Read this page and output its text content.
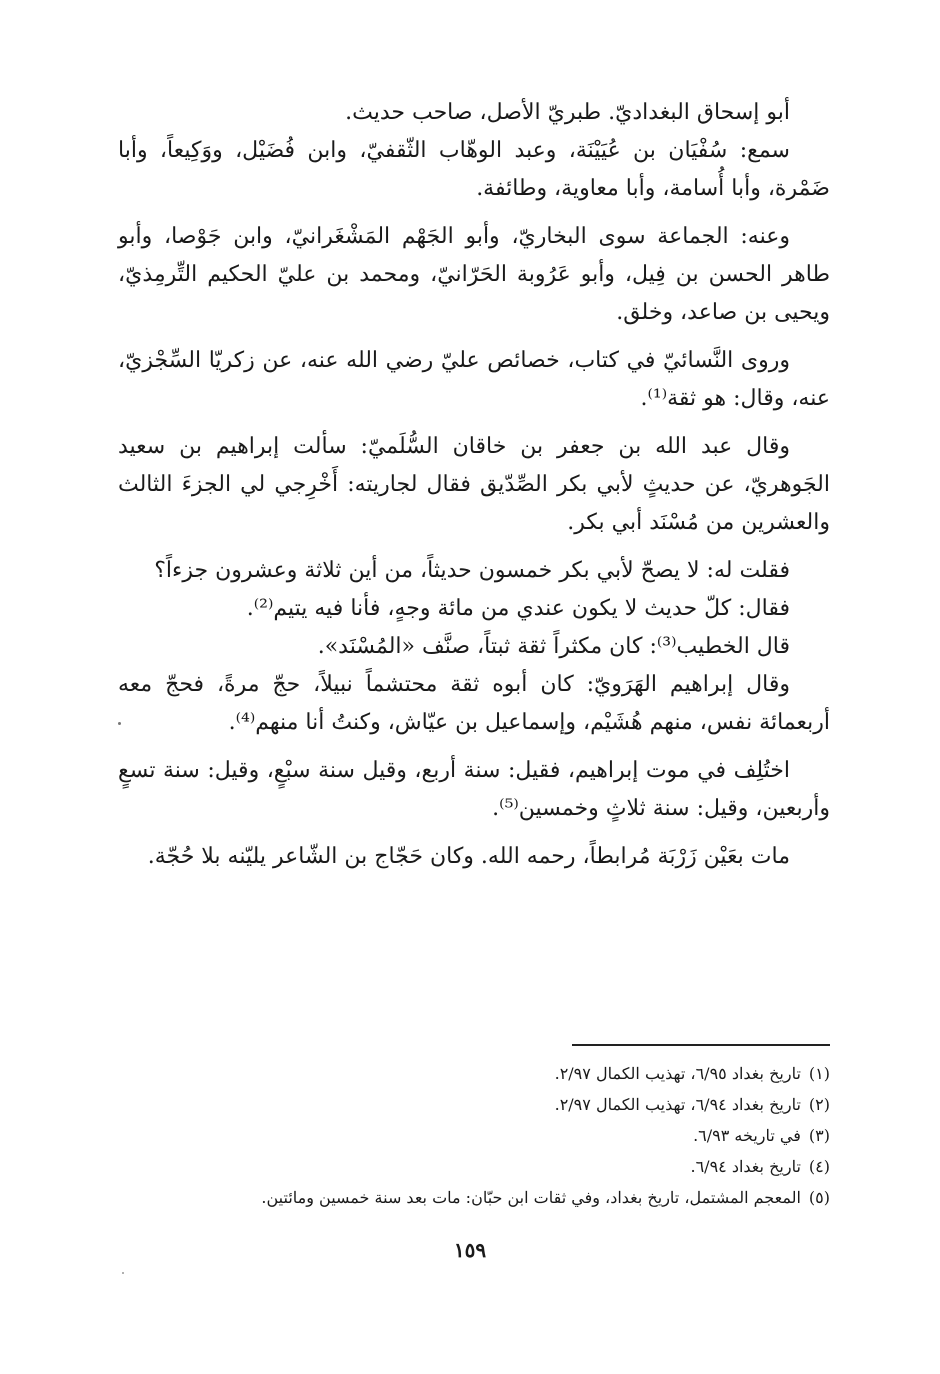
أبو إسحاق البغداديّ. طبريّ الأصل، صاحب حديث.

سمع: سُفْيَان بن عُيَيْنَة، وعبد الوهّاب الثّقفيّ، وابن فُضَيْل، ووَكِيعاً، وأبا ضَمْرة، وأبا أُسامة، وأبا معاوية، وطائفة.

وعنه: الجماعة سوى البخاريّ، وأبو الجَهْم المَشْغَرانيّ، وابن جَوْصا، وأبو طاهر الحسن بن فِيل، وأبو عَرُوبة الحَرّانيّ، ومحمد بن عليّ الحكيم التِّرمِذيّ، ويحيى بن صاعد، وخلق.

وروى النَّسائيّ في كتاب، خصائص عليّ رضي الله عنه، عن زكريّا السِّجْزيّ، عنه، وقال: هو ثقة⁽¹⁾.

وقال عبد الله بن جعفر بن خاقان السُّلَميّ: سألت إبراهيم بن سعيد الجَوهريّ، عن حديثٍ لأبي بكر الصِّدّيق فقال لجاريته: أَخْرِجي لي الجزءَ الثالث والعشرين من مُسْنَد أبي بكر.

فقلت له: لا يصحّ لأبي بكر خمسون حديثاً، من أين ثلاثة وعشرون جزءاً؟

فقال: كلّ حديث لا يكون عندي من مائة وجهٍ، فأنا فيه يتيم⁽²⁾.

قال الخطيب⁽³⁾: كان مكثراً ثقة ثبتاً، صنَّف «المُسْنَد».

وقال إبراهيم الهَرَويّ: كان أبوه ثقة محتشماً نبيلاً، حجّ مرةً، فحجّ معه أربعمائة نفس، منهم هُشَيْم، وإسماعيل بن عيّاش، وكنتُ أنا منهم⁽⁴⁾.

اختُلِف في موت إبراهيم، فقيل: سنة أربع، وقيل سنة سبْعٍ، وقيل: سنة تسعٍ وأربعين، وقيل: سنة ثلاثٍ وخمسين⁽⁵⁾.

مات بعَيْن زَرْبَة مُرابطاً، رحمه الله. وكان حَجّاج بن الشّاعر يليّنه بلا حُجّة.

(١)تاريخ بغداد ٦/٩٥، تهذيب الكمال ٢/٩٧.

(٢)تاريخ بغداد ٦/٩٤، تهذيب الكمال ٢/٩٧.

(٣)في تاريخه ٦/٩٣.

(٤)تاريخ بغداد ٦/٩٤.

(٥)المعجم المشتمل، تاريخ بغداد، وفي ثقات ابن حبّان: مات بعد سنة خمسين ومائتين.

١٥٩
